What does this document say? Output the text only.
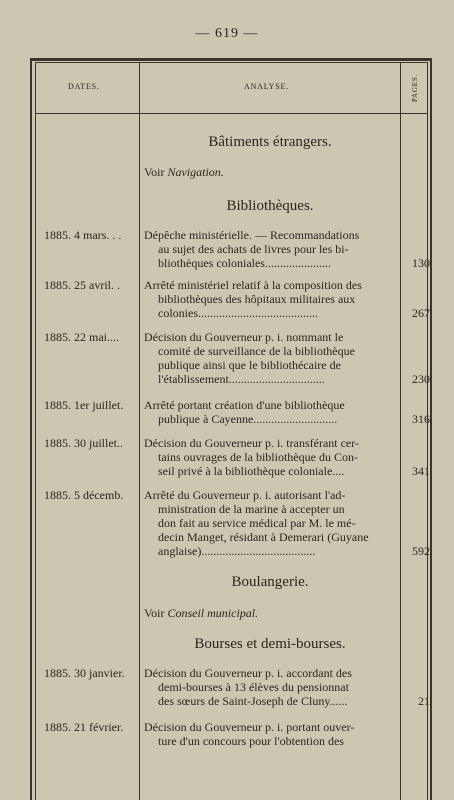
— 619 —
DATES.	ANALYSE.	PAGES.
Bâtiments étrangers.
Voir Navigation.
Bibliothèques.
1885. 4 mars. . .	Dépêche ministérielle. — Recommandations
au sujet des achats de livres pour les bi-
bliothèques coloniales......................	130
1885. 25 avril. .	Arrêté ministériel relatif à la composition des
bibliothèques des hôpitaux militaires aux
colonies........................................	267
1885. 22 mai....	Décision du Gouverneur p. i. nommant le
comité de surveillance de la bibliothèque
publique ainsi que le bibliothécaire de
l'établissement................................	230
1885. 1er juillet.	Arrêté portant création d'une bibliothèque
publique à Cayenne............................	316
1885. 30 juillet..	Décision du Gouverneur p. i. transférant cer-
tains ouvrages de la bibliothèque du Con-
seil privé à la bibliothèque coloniale....	341
1885. 5 décemb.	Arrêté du Gouverneur p. i. autorisant l'ad-
ministration de la marine à accepter un
don fait au service médical par M. le mé-
decin Manget, résidant à Demerari (Guyane
anglaise)......................................	592
Boulangerie.
Voir Conseil municipal.
Bourses et demi-bourses.
1885. 30 janvier.	Décision du Gouverneur p. i. accordant des
demi-bourses à 13 élèves du pensionnat
des sœurs de Saint-Joseph de Cluny......	21
1885. 21 février.	Décision du Gouverneur p. i. portant ouver-
ture d'un concours pour l'obtention des
